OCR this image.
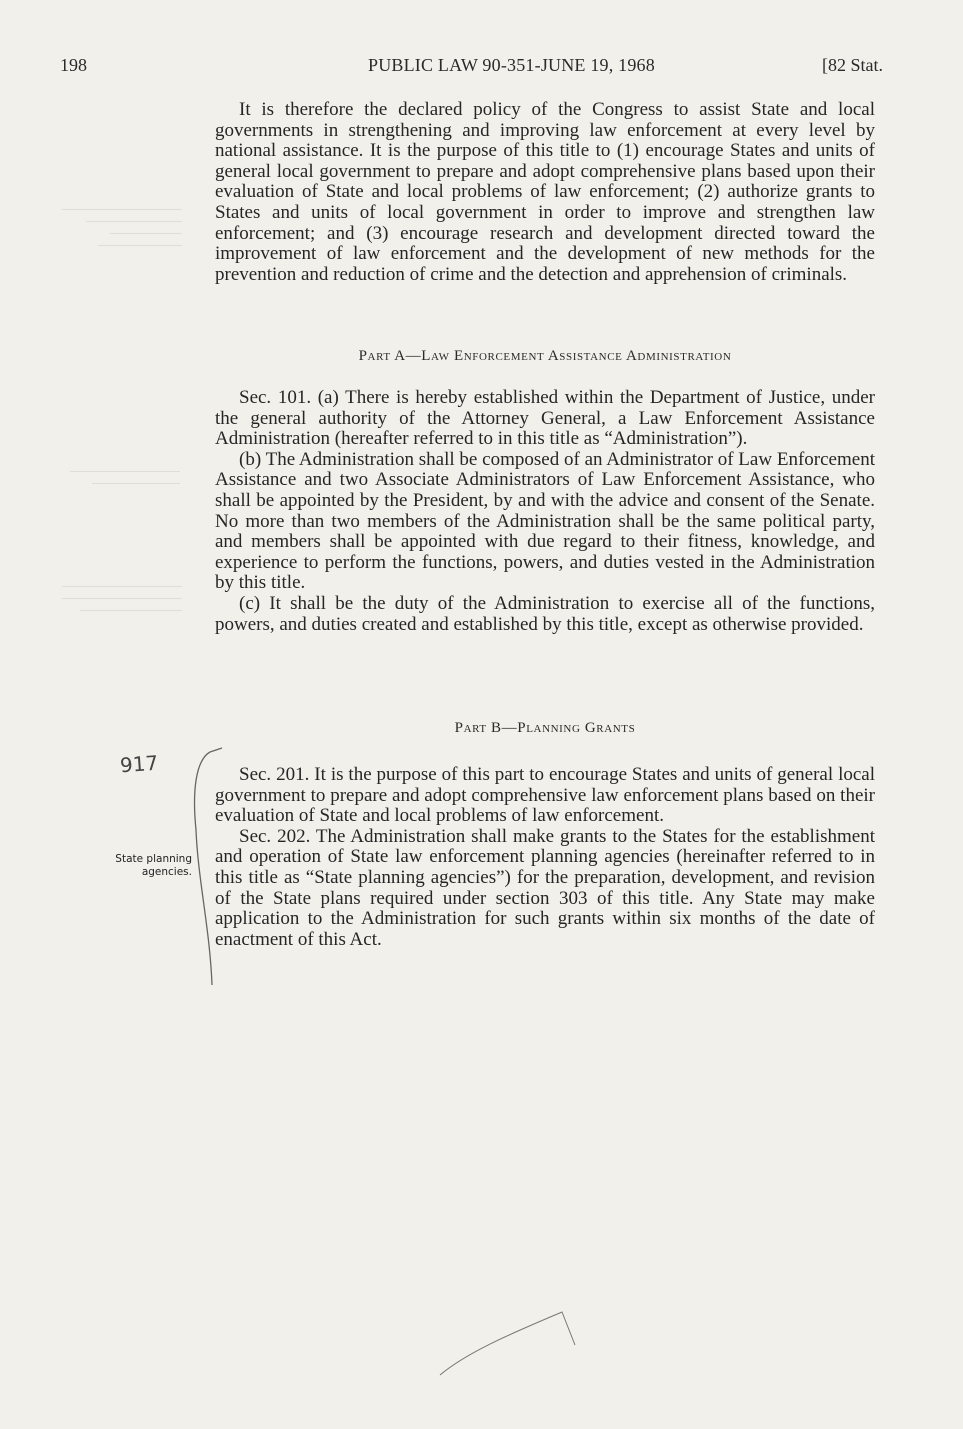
198	PUBLIC LAW 90-351-JUNE 19, 1968	[82 Stat.

It is therefore the declared policy of the Congress to assist State and local governments in strengthening and improving law enforcement at every level by national assistance. It is the purpose of this title to (1) encourage States and units of general local government to prepare and adopt comprehensive plans based upon their evaluation of State and local problems of law enforcement; (2) authorize grants to States and units of local government in order to improve and strengthen law enforcement; and (3) encourage research and development directed toward the improvement of law enforcement and the development of new methods for the prevention and reduction of crime and the detection and apprehension of criminals.

Part A—Law Enforcement Assistance Administration

Sec. 101. (a) There is hereby established within the Department of Justice, under the general authority of the Attorney General, a Law Enforcement Assistance Administration (hereafter referred to in this title as “Administration”).

(b) The Administration shall be composed of an Administrator of Law Enforcement Assistance and two Associate Administrators of Law Enforcement Assistance, who shall be appointed by the President, by and with the advice and consent of the Senate. No more than two members of the Administration shall be the same political party, and members shall be appointed with due regard to their fitness, knowledge, and experience to perform the functions, powers, and duties vested in the Administration by this title.

(c) It shall be the duty of the Administration to exercise all of the functions, powers, and duties created and established by this title, except as otherwise provided.

Part B—Planning Grants

Sec. 201. It is the purpose of this part to encourage States and units of general local government to prepare and adopt comprehensive law enforcement plans based on their evaluation of State and local problems of law enforcement.

Sec. 202. The Administration shall make grants to the States for the establishment and operation of State law enforcement planning agencies (hereinafter referred to in this title as “State planning agencies”) for the preparation, development, and revision of the State plans required under section 303 of this title. Any State may make application to the Administration for such grants within six months of the date of enactment of this Act.

State planning agencies.
917
